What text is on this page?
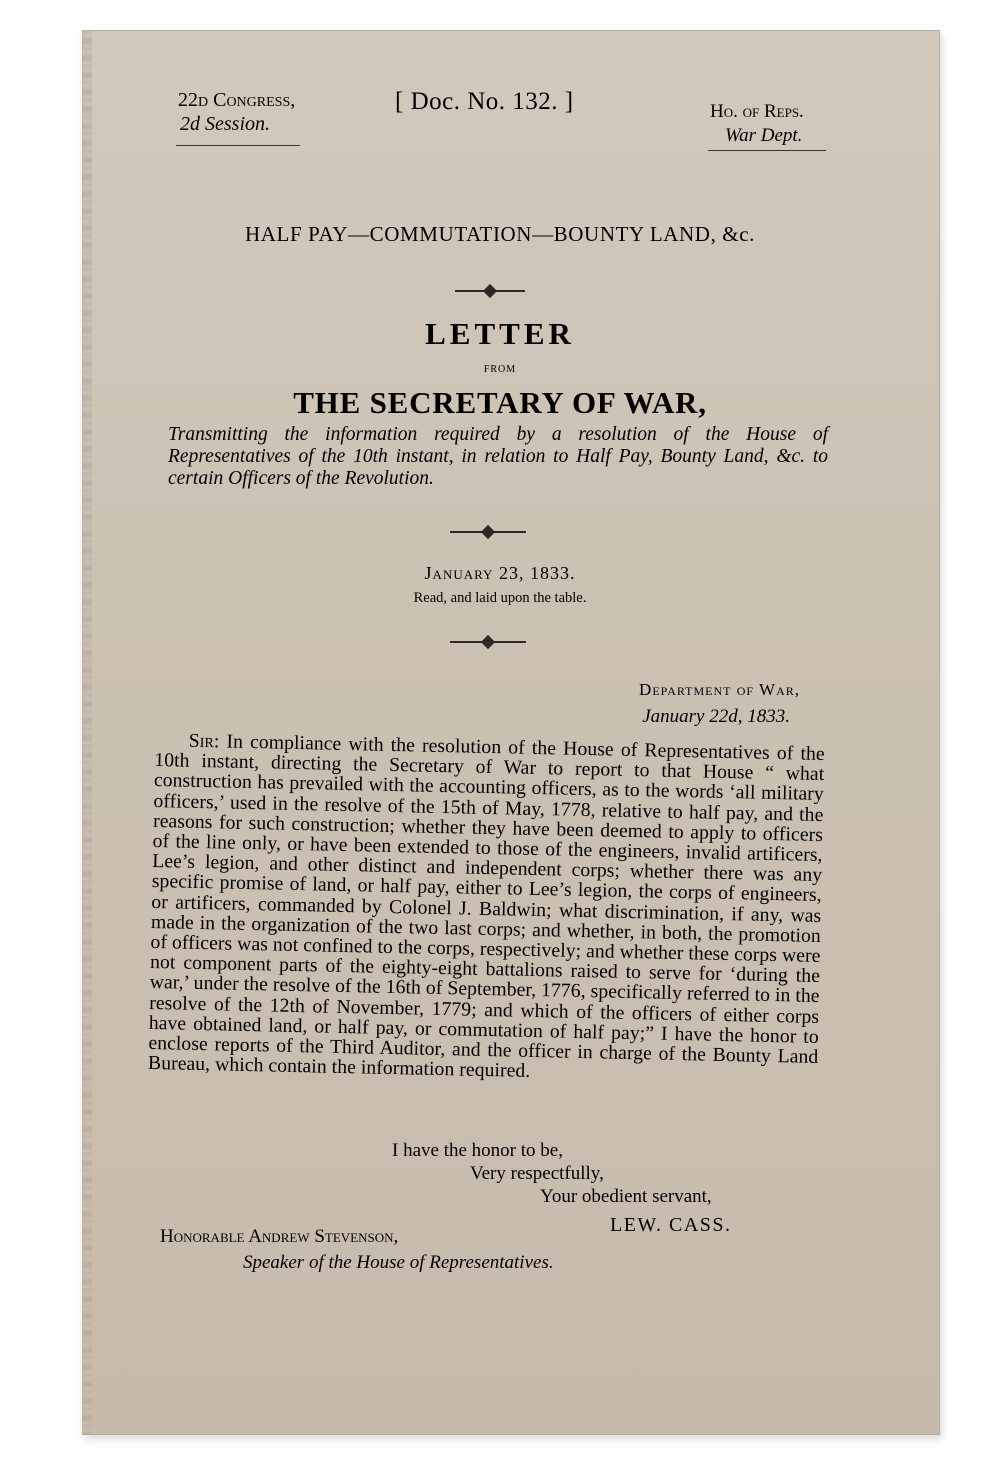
22d Congress,
2d Session.
[ Doc. No. 132. ]	Ho. of Reps.
War Dept.
HALF PAY—COMMUTATION—BOUNTY LAND, &c.
LETTER
FROM
THE SECRETARY OF WAR,
Transmitting the information required by a resolution of the House of Representatives of the 10th instant, in relation to Half Pay, Bounty Land, &c. to certain Officers of the Revolution.
January 23, 1833.
Read, and laid upon the table.
Department of War,
January 22d, 1833.
Sir: In compliance with the resolution of the House of Representatives of the 10th instant, directing the Secretary of War to report to that House “ what construction has prevailed with the accounting officers, as to the words ‘all military officers,’ used in the resolve of the 15th of May, 1778, relative to half pay, and the reasons for such construction; whether they have been deemed to apply to officers of the line only, or have been extended to those of the engineers, invalid artificers, Lee’s legion, and other distinct and independent corps; whether there was any specific promise of land, or half pay, either to Lee’s legion, the corps of engineers, or artificers, commanded by Colonel J. Baldwin; what discrimination, if any, was made in the organization of the two last corps; and whether, in both, the promotion of officers was not confined to the corps, respectively; and whether these corps were not component parts of the eighty-eight battalions raised to serve for ‘during the war,’ under the resolve of the 16th of September, 1776, specifically referred to in the resolve of the 12th of November, 1779; and which of the officers of either corps have obtained land, or half pay, or commutation of half pay;” I have the honor to enclose reports of the Third Auditor, and the officer in charge of the Bounty Land Bureau, which contain the information required.
I have the honor to be,
Very respectfully,
Your obedient servant,
LEW. CASS.
Honorable Andrew Stevenson,
Speaker of the House of Representatives.
